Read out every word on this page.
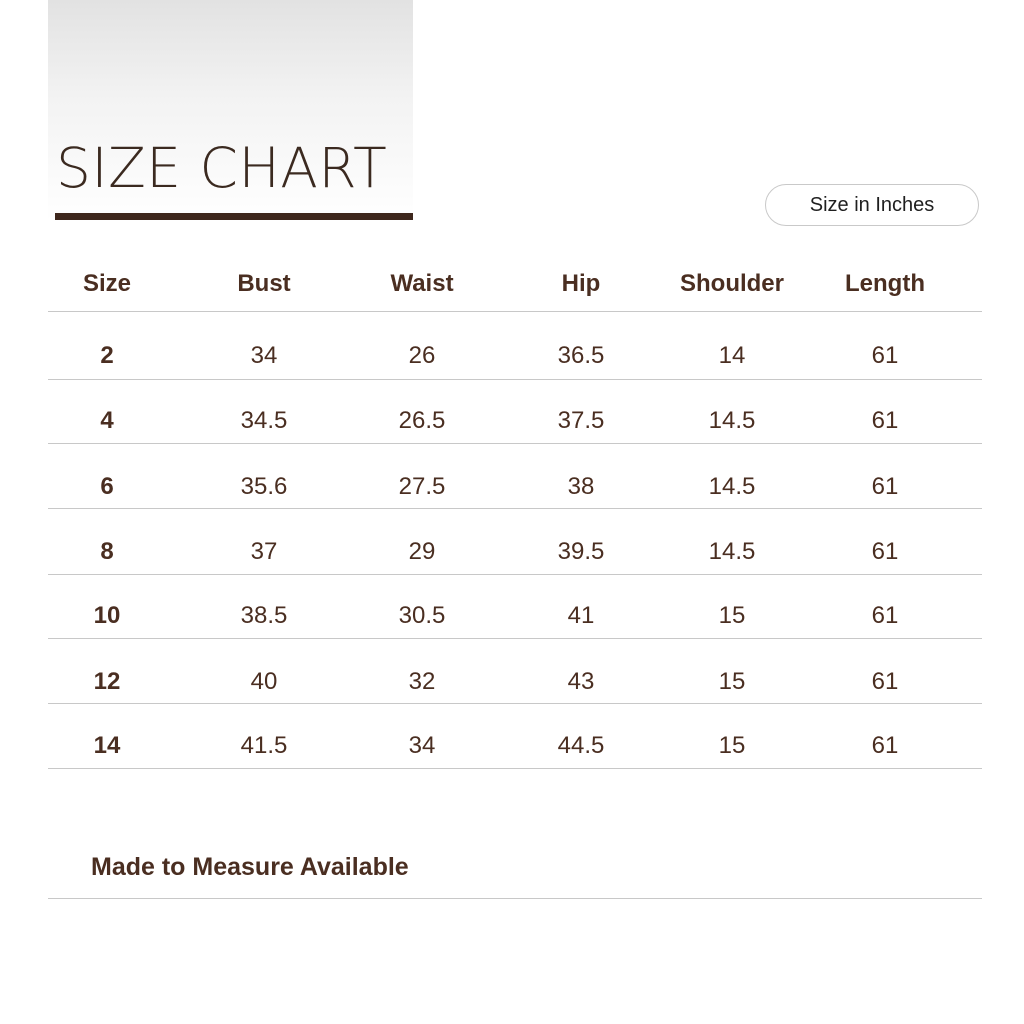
SIZE CHART
Size in Inches
Size	Bust	Waist	Hip	Shoulder	Length
2	34	26	36.5	14	61
4	34.5	26.5	37.5	14.5	61
6	35.6	27.5	38	14.5	61
8	37	29	39.5	14.5	61
10	38.5	30.5	41	15	61
12	40	32	43	15	61
14	41.5	34	44.5	15	61
Made to Measure Available
